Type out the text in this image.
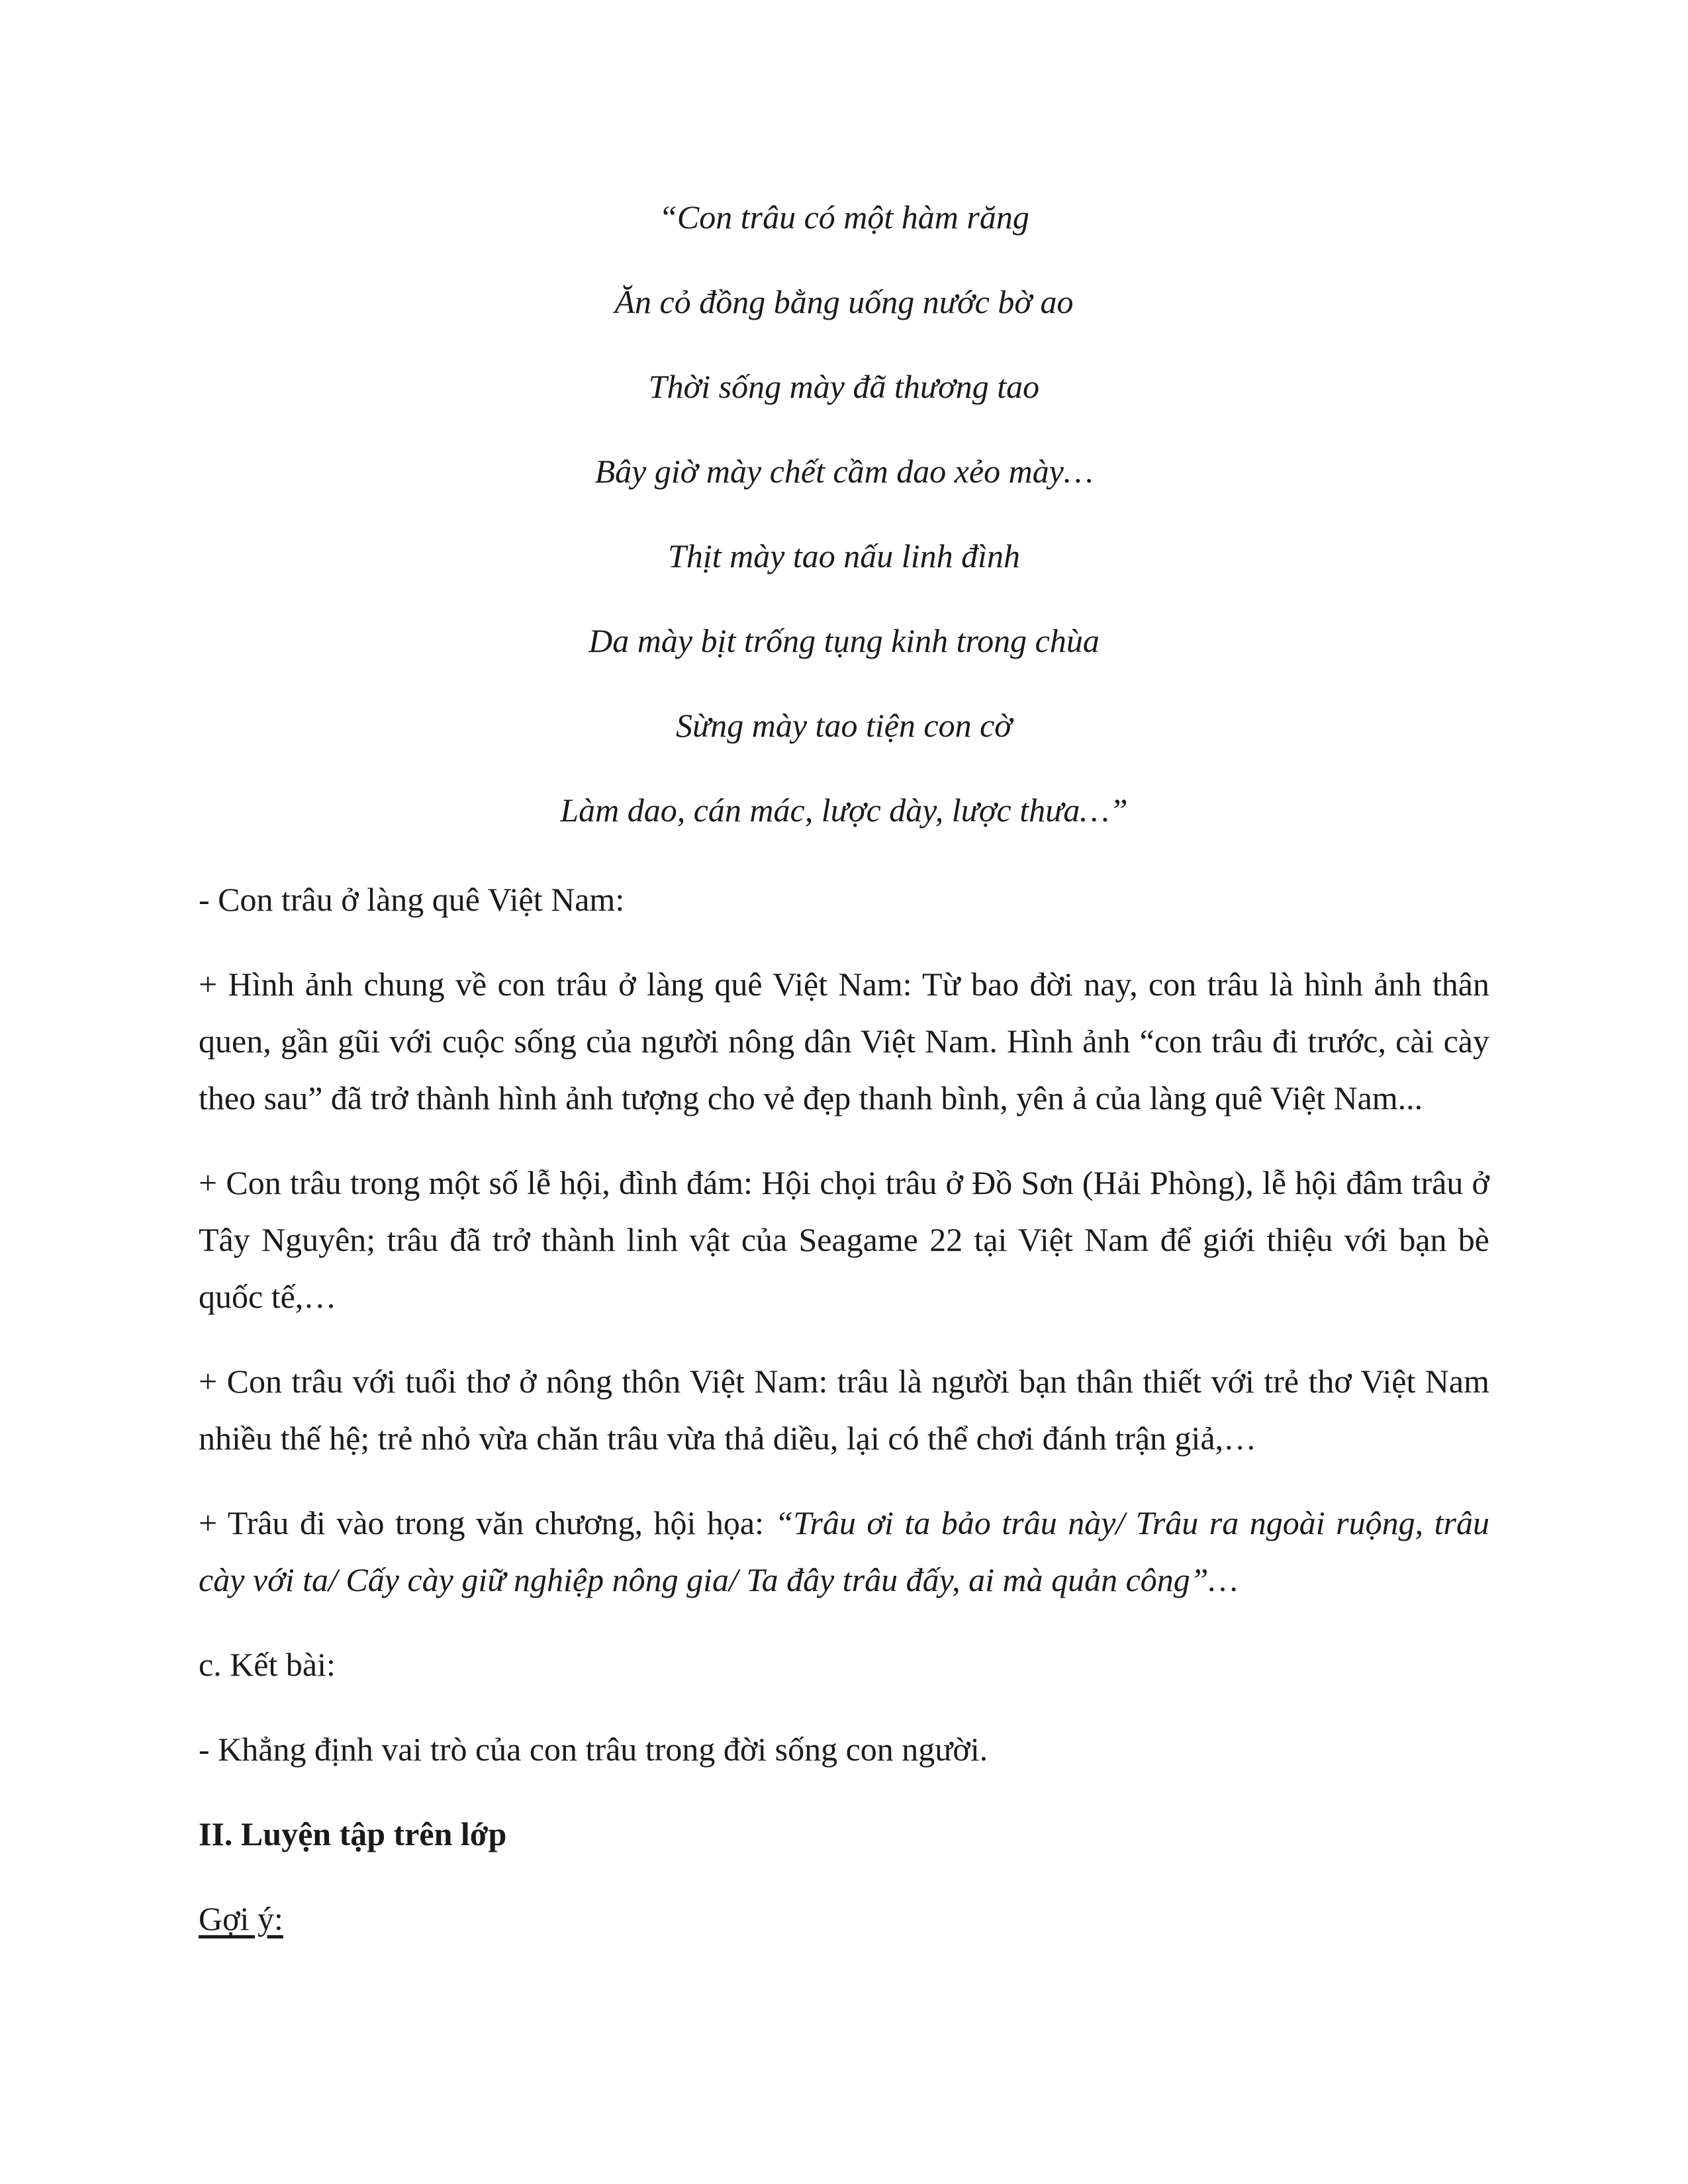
“Con trâu có một hàm răng
Ăn cỏ đồng bằng uống nước bờ ao
Thời sống mày đã thương tao
Bây giờ mày chết cầm dao xẻo mày…
Thịt mày tao nấu linh đình
Da mày bịt trống tụng kinh trong chùa
Sừng mày tao tiện con cờ
Làm dao, cán mác, lược dày, lược thưa…”

- Con trâu ở làng quê Việt Nam:

+ Hình ảnh chung về con trâu ở làng quê Việt Nam: Từ bao đời nay, con trâu là hình ảnh thân quen, gần gũi với cuộc sống của người nông dân Việt Nam. Hình ảnh “con trâu đi trước, cài cày theo sau” đã trở thành hình ảnh tượng cho vẻ đẹp thanh bình, yên ả của làng quê Việt Nam...

+ Con trâu trong một số lễ hội, đình đám: Hội chọi trâu ở Đồ Sơn (Hải Phòng), lễ hội đâm trâu ở Tây Nguyên; trâu đã trở thành linh vật của Seagame 22 tại Việt Nam để giới thiệu với bạn bè quốc tế,…

+ Con trâu với tuổi thơ ở nông thôn Việt Nam: trâu là người bạn thân thiết với trẻ thơ Việt Nam nhiều thế hệ; trẻ nhỏ vừa chăn trâu vừa thả diều, lại có thể chơi đánh trận giả,…

+ Trâu đi vào trong văn chương, hội họa: “Trâu ơi ta bảo trâu này/ Trâu ra ngoài ruộng, trâu cày với ta/ Cấy cày giữ nghiệp nông gia/ Ta đây trâu đấy, ai mà quản công”…

c. Kết bài:

- Khẳng định vai trò của con trâu trong đời sống con người.

II. Luyện tập trên lớp

Gợi ý:
